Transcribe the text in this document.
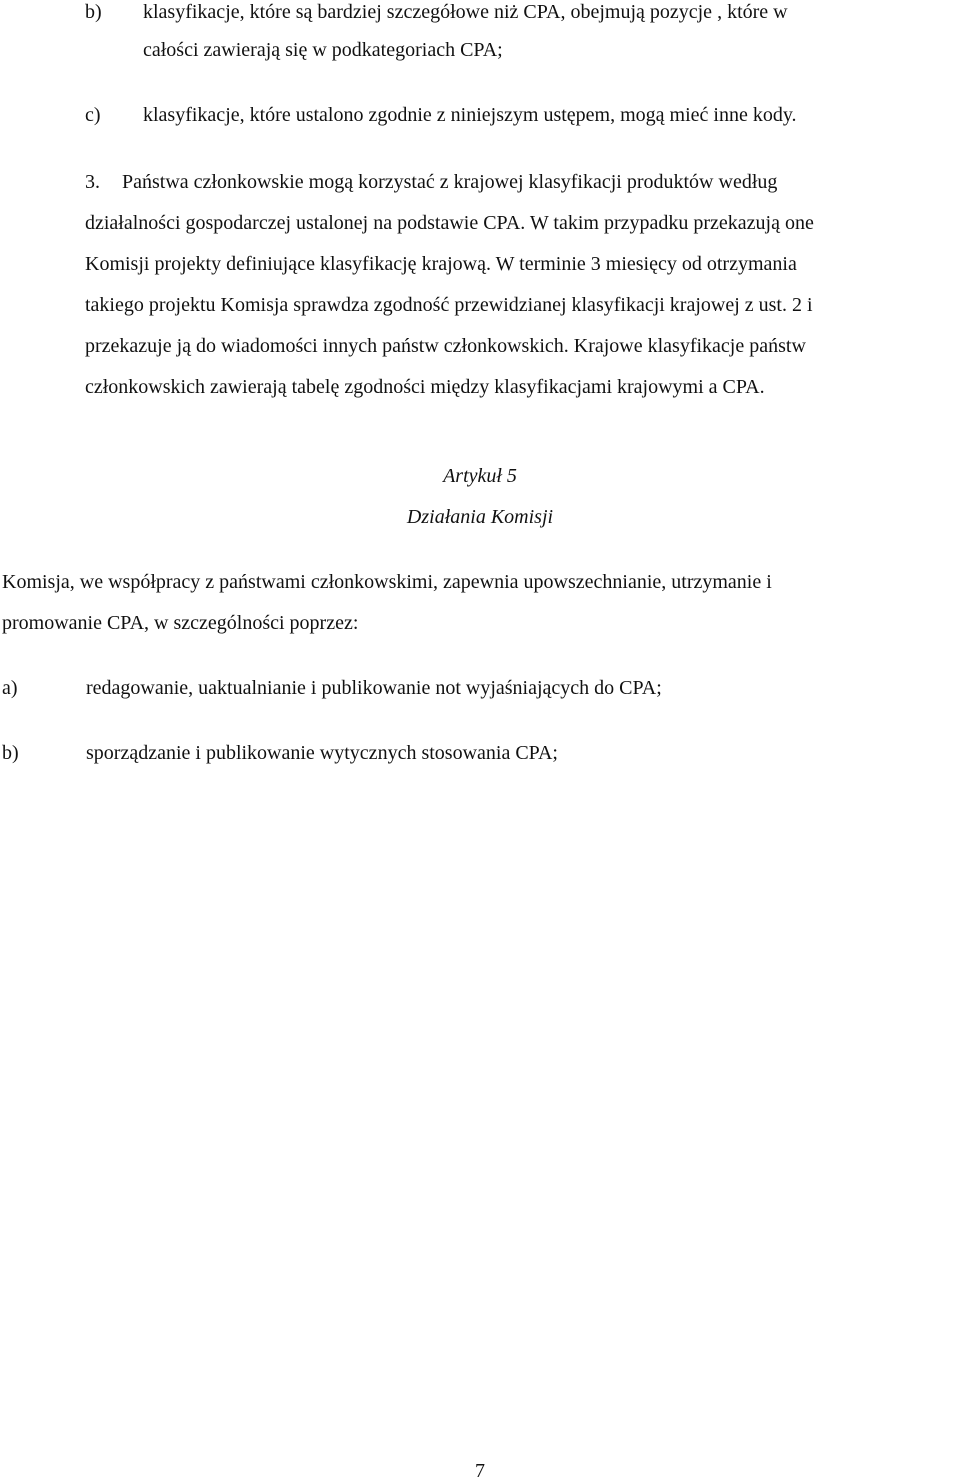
b) klasyfikacje, które są bardziej szczegółowe niż CPA, obejmują pozycje , które w
całości zawierają się w podkategoriach CPA;
c) klasyfikacje, które ustalono zgodnie z niniejszym ustępem, mogą mieć inne kody.
3. Państwa członkowskie mogą korzystać z krajowej klasyfikacji produktów według
działalności gospodarczej ustalonej na podstawie CPA. W takim przypadku przekazują one
Komisji projekty definiujące klasyfikację krajową. W terminie 3 miesięcy od otrzymania
takiego projektu Komisja sprawdza zgodność przewidzianej klasyfikacji krajowej z ust. 2 i
przekazuje ją do wiadomości innych państw członkowskich. Krajowe klasyfikacje państw
członkowskich zawierają tabelę zgodności między klasyfikacjami krajowymi a CPA.
Artykuł 5
Działania Komisji
Komisja, we współpracy z państwami członkowskimi, zapewnia upowszechnianie, utrzymanie i
promowanie CPA, w szczególności poprzez:
a)	redagowanie, uaktualnianie i publikowanie not wyjaśniających do CPA;
b)	sporządzanie i publikowanie wytycznych stosowania CPA;
7
